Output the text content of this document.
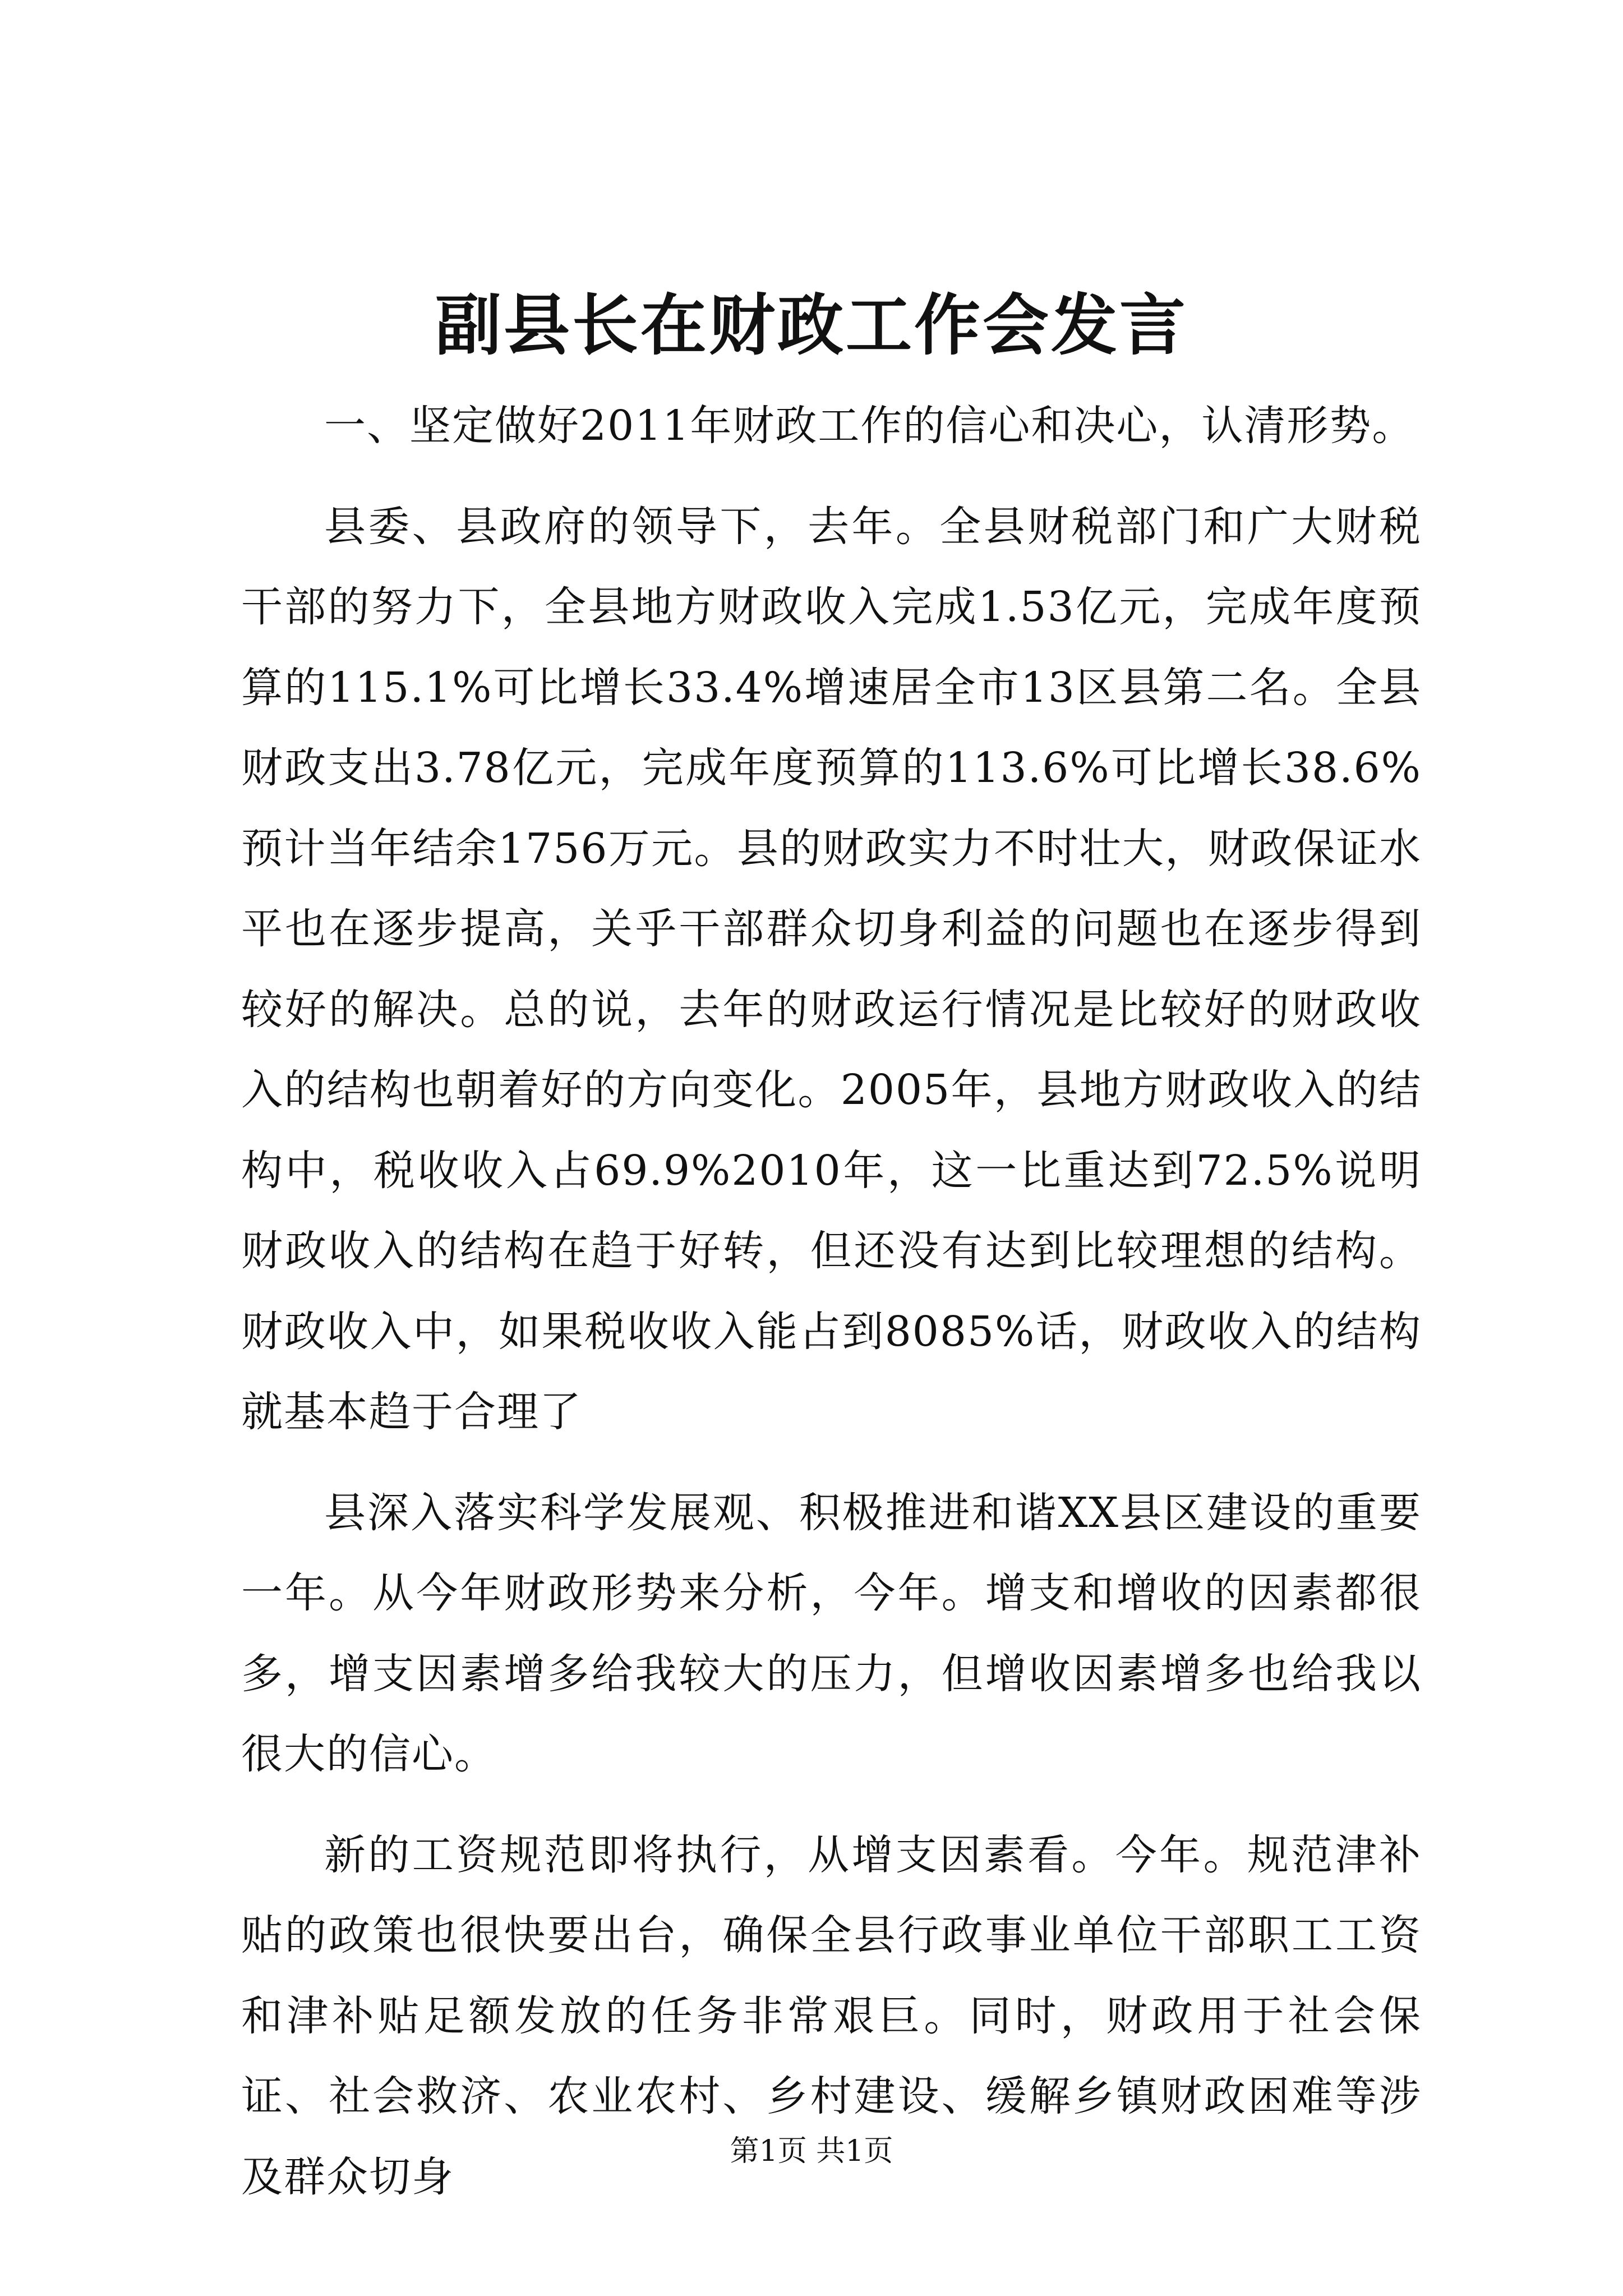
副县长在财政工作会发言

一、坚定做好2011年财政工作的信心和决心，认清形势。

县委、县政府的领导下，去年。全县财税部门和广大财税干部的努力下，全县地方财政收入完成1.53亿元，完成年度预算的115.1%可比增长33.4%增速居全市13区县第二名。全县财政支出3.78亿元，完成年度预算的113.6%可比增长38.6%预计当年结余1756万元。县的财政实力不时壮大，财政保证水平也在逐步提高，关乎干部群众切身利益的问题也在逐步得到较好的解决。总的说，去年的财政运行情况是比较好的财政收入的结构也朝着好的方向变化。2005年，县地方财政收入的结构中，税收收入占69.9%2010年，这一比重达到72.5%说明财政收入的结构在趋于好转，但还没有达到比较理想的结构。财政收入中，如果税收收入能占到8085%话，财政收入的结构就基本趋于合理了

县深入落实科学发展观、积极推进和谐XX县区建设的重要一年。从今年财政形势来分析，今年。增支和增收的因素都很多，增支因素增多给我较大的压力，但增收因素增多也给我以很大的信心。

新的工资规范即将执行，从增支因素看。今年。规范津补贴的政策也很快要出台，确保全县行政事业单位干部职工工资和津补贴足额发放的任务非常艰巨。同时，财政用于社会保证、社会救济、农业农村、乡村建设、缓解乡镇财政困难等涉及群众切身

第1页 共1页
